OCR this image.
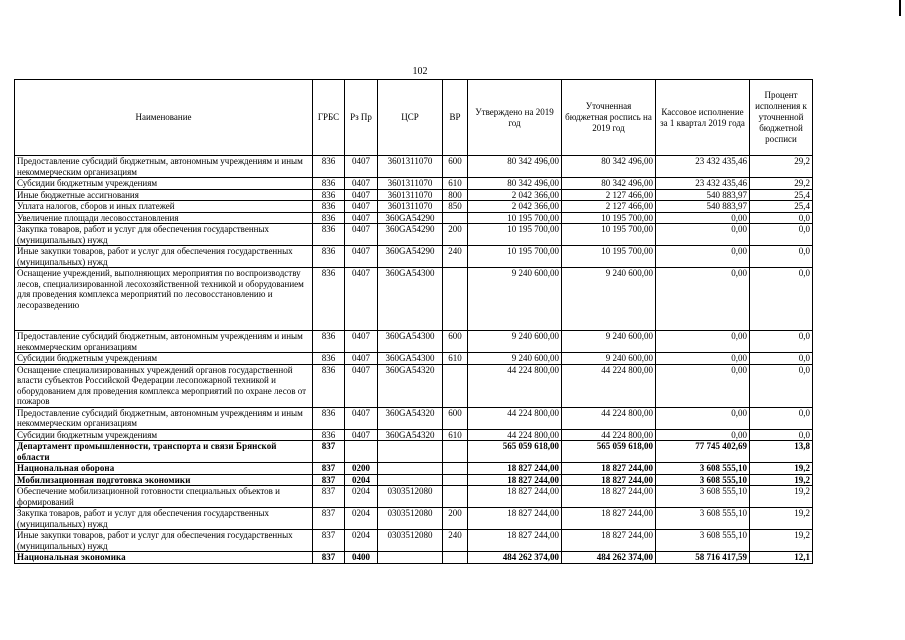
102
Наименование	ГРБС	Рз Пр	ЦСР	ВР	Утверждено на 2019 год	Уточненная бюджетная роспись на 2019 год	Кассовое исполнение за 1 квартал 2019 года	Процент исполнения к уточненной бюджетной росписи
Предоставление субсидий бюджетным, автономным учреждениям и иным некоммерческим организациям	836	0407	3601311070	600	80 342 496,00	80 342 496,00	23 432 435,46	29,2
Субсидии бюджетным учреждениям	836	0407	3601311070	610	80 342 496,00	80 342 496,00	23 432 435,46	29,2
Иные бюджетные ассигнования	836	0407	3601311070	800	2 042 366,00	2 127 466,00	540 883,97	25,4
Уплата налогов, сборов и иных платежей	836	0407	3601311070	850	2 042 366,00	2 127 466,00	540 883,97	25,4
Увеличение площади лесовосстановления	836	0407	360GA54290		10 195 700,00	10 195 700,00	0,00	0,0
Закупка товаров, работ и услуг для обеспечения государственных (муниципальных) нужд	836	0407	360GA54290	200	10 195 700,00	10 195 700,00	0,00	0,0
Иные закупки товаров, работ и услуг для обеспечения государственных (муниципальных) нужд	836	0407	360GA54290	240	10 195 700,00	10 195 700,00	0,00	0,0
Оснащение учреждений, выполняющих мероприятия по воспроизводству лесов, специализированной лесохозяйственной техникой и оборудованием для проведения комплекса мероприятий по лесовосстановлению и лесоразведению	836	0407	360GA54300		9 240 600,00	9 240 600,00	0,00	0,0
Предоставление субсидий бюджетным, автономным учреждениям и иным некоммерческим организациям	836	0407	360GA54300	600	9 240 600,00	9 240 600,00	0,00	0,0
Субсидии бюджетным учреждениям	836	0407	360GA54300	610	9 240 600,00	9 240 600,00	0,00	0,0
Оснащение специализированных учреждений органов государственной власти субъектов Российской Федерации лесопожарной техникой и оборудованием для проведения комплекса мероприятий по охране лесов от пожаров	836	0407	360GA54320		44 224 800,00	44 224 800,00	0,00	0,0
Предоставление субсидий бюджетным, автономным учреждениям и иным некоммерческим организациям	836	0407	360GA54320	600	44 224 800,00	44 224 800,00	0,00	0,0
Субсидии бюджетным учреждениям	836	0407	360GA54320	610	44 224 800,00	44 224 800,00	0,00	0,0
Департамент промышленности, транспорта и связи Брянской области	837				565 059 618,00	565 059 618,00	77 745 402,69	13,8
Национальная оборона	837	0200			18 827 244,00	18 827 244,00	3 608 555,10	19,2
Мобилизационная подготовка экономики	837	0204			18 827 244,00	18 827 244,00	3 608 555,10	19,2
Обеспечение мобилизационной готовности специальных объектов и формирований	837	0204	0303512080		18 827 244,00	18 827 244,00	3 608 555,10	19,2
Закупка товаров, работ и услуг для обеспечения государственных (муниципальных) нужд	837	0204	0303512080	200	18 827 244,00	18 827 244,00	3 608 555,10	19,2
Иные закупки товаров, работ и услуг для обеспечения государственных (муниципальных) нужд	837	0204	0303512080	240	18 827 244,00	18 827 244,00	3 608 555,10	19,2
Национальная экономика	837	0400			484 262 374,00	484 262 374,00	58 716 417,59	12,1
